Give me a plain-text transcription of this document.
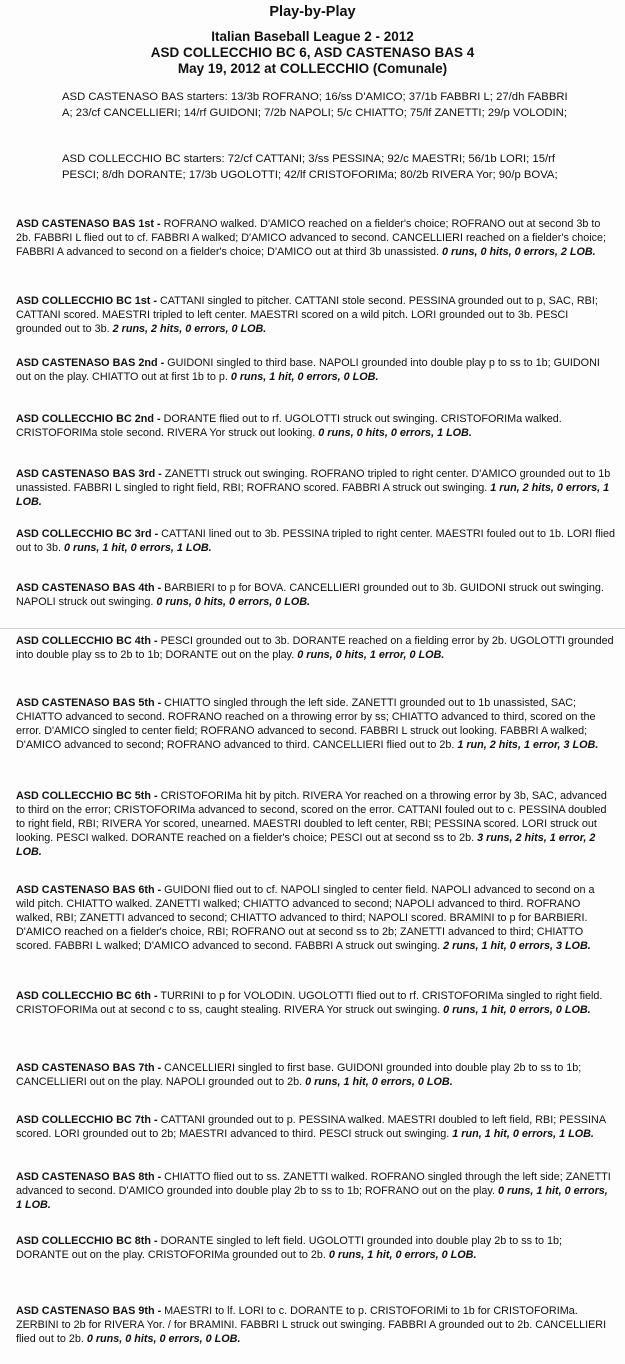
Play-by-Play
Italian Baseball League 2 - 2012
ASD COLLECCHIO BC 6, ASD CASTENASO BAS 4
May 19, 2012 at COLLECCHIO (Comunale)
ASD CASTENASO BAS starters: 13/3b ROFRANO; 16/ss D'AMICO; 37/1b FABBRI L; 27/dh FABBRI A; 23/cf CANCELLIERI; 14/rf GUIDONI; 7/2b NAPOLI; 5/c CHIATTO; 75/lf ZANETTI; 29/p VOLODIN;
ASD COLLECCHIO BC starters: 72/cf CATTANI; 3/ss PESSINA; 92/c MAESTRI; 56/1b LORI; 15/rf PESCI; 8/dh DORANTE; 17/3b UGOLOTTI; 42/lf CRISTOFORIMa; 80/2b RIVERA Yor; 90/p BOVA;
ASD CASTENASO BAS 1st - ROFRANO walked. D'AMICO reached on a fielder's choice; ROFRANO out at second 3b to 2b. FABBRI L flied out to cf. FABBRI A walked; D'AMICO advanced to second. CANCELLIERI reached on a fielder's choice; FABBRI A advanced to second on a fielder's choice; D'AMICO out at third 3b unassisted. 0 runs, 0 hits, 0 errors, 2 LOB.
ASD COLLECCHIO BC 1st - CATTANI singled to pitcher. CATTANI stole second. PESSINA grounded out to p, SAC, RBI; CATTANI scored. MAESTRI tripled to left center. MAESTRI scored on a wild pitch. LORI grounded out to 3b. PESCI grounded out to 3b. 2 runs, 2 hits, 0 errors, 0 LOB.
ASD CASTENASO BAS 2nd - GUIDONI singled to third base. NAPOLI grounded into double play p to ss to 1b; GUIDONI out on the play. CHIATTO out at first 1b to p. 0 runs, 1 hit, 0 errors, 0 LOB.
ASD COLLECCHIO BC 2nd - DORANTE flied out to rf. UGOLOTTI struck out swinging. CRISTOFORIMa walked. CRISTOFORIMa stole second. RIVERA Yor struck out looking. 0 runs, 0 hits, 0 errors, 1 LOB.
ASD CASTENASO BAS 3rd - ZANETTI struck out swinging. ROFRANO tripled to right center. D'AMICO grounded out to 1b unassisted. FABBRI L singled to right field, RBI; ROFRANO scored. FABBRI A struck out swinging. 1 run, 2 hits, 0 errors, 1 LOB.
ASD COLLECCHIO BC 3rd - CATTANI lined out to 3b. PESSINA tripled to right center. MAESTRI fouled out to 1b. LORI flied out to 3b. 0 runs, 1 hit, 0 errors, 1 LOB.
ASD CASTENASO BAS 4th - BARBIERI to p for BOVA. CANCELLIERI grounded out to 3b. GUIDONI struck out swinging. NAPOLI struck out swinging. 0 runs, 0 hits, 0 errors, 0 LOB.
ASD COLLECCHIO BC 4th - PESCI grounded out to 3b. DORANTE reached on a fielding error by 2b. UGOLOTTI grounded into double play ss to 2b to 1b; DORANTE out on the play. 0 runs, 0 hits, 1 error, 0 LOB.
ASD CASTENASO BAS 5th - CHIATTO singled through the left side. ZANETTI grounded out to 1b unassisted, SAC; CHIATTO advanced to second. ROFRANO reached on a throwing error by ss; CHIATTO advanced to third, scored on the error. D'AMICO singled to center field; ROFRANO advanced to second. FABBRI L struck out looking. FABBRI A walked; D'AMICO advanced to second; ROFRANO advanced to third. CANCELLIERI flied out to 2b. 1 run, 2 hits, 1 error, 3 LOB.
ASD COLLECCHIO BC 5th - CRISTOFORIMa hit by pitch. RIVERA Yor reached on a throwing error by 3b, SAC, advanced to third on the error; CRISTOFORIMa advanced to second, scored on the error. CATTANI fouled out to c. PESSINA doubled to right field, RBI; RIVERA Yor scored, unearned. MAESTRI doubled to left center, RBI; PESSINA scored. LORI struck out looking. PESCI walked. DORANTE reached on a fielder's choice; PESCI out at second ss to 2b. 3 runs, 2 hits, 1 error, 2 LOB.
ASD CASTENASO BAS 6th - GUIDONI flied out to cf. NAPOLI singled to center field. NAPOLI advanced to second on a wild pitch. CHIATTO walked. ZANETTI walked; CHIATTO advanced to second; NAPOLI advanced to third. ROFRANO walked, RBI; ZANETTI advanced to second; CHIATTO advanced to third; NAPOLI scored. BRAMINI to p for BARBIERI. D'AMICO reached on a fielder's choice, RBI; ROFRANO out at second ss to 2b; ZANETTI advanced to third; CHIATTO scored. FABBRI L walked; D'AMICO advanced to second. FABBRI A struck out swinging. 2 runs, 1 hit, 0 errors, 3 LOB.
ASD COLLECCHIO BC 6th - TURRINI to p for VOLODIN. UGOLOTTI flied out to rf. CRISTOFORIMa singled to right field. CRISTOFORIMa out at second c to ss, caught stealing. RIVERA Yor struck out swinging. 0 runs, 1 hit, 0 errors, 0 LOB.
ASD CASTENASO BAS 7th - CANCELLIERI singled to first base. GUIDONI grounded into double play 2b to ss to 1b; CANCELLIERI out on the play. NAPOLI grounded out to 2b. 0 runs, 1 hit, 0 errors, 0 LOB.
ASD COLLECCHIO BC 7th - CATTANI grounded out to p. PESSINA walked. MAESTRI doubled to left field, RBI; PESSINA scored. LORI grounded out to 2b; MAESTRI advanced to third. PESCI struck out swinging. 1 run, 1 hit, 0 errors, 1 LOB.
ASD CASTENASO BAS 8th - CHIATTO flied out to ss. ZANETTI walked. ROFRANO singled through the left side; ZANETTI advanced to second. D'AMICO grounded into double play 2b to ss to 1b; ROFRANO out on the play. 0 runs, 1 hit, 0 errors, 1 LOB.
ASD COLLECCHIO BC 8th - DORANTE singled to left field. UGOLOTTI grounded into double play 2b to ss to 1b; DORANTE out on the play. CRISTOFORIMa grounded out to 2b. 0 runs, 1 hit, 0 errors, 0 LOB.
ASD CASTENASO BAS 9th - MAESTRI to lf. LORI to c. DORANTE to p. CRISTOFORIMi to 1b for CRISTOFORIMa. ZERBINI to 2b for RIVERA Yor. / for BRAMINI. FABBRI L struck out swinging. FABBRI A grounded out to 2b. CANCELLIERI flied out to 2b. 0 runs, 0 hits, 0 errors, 0 LOB.
